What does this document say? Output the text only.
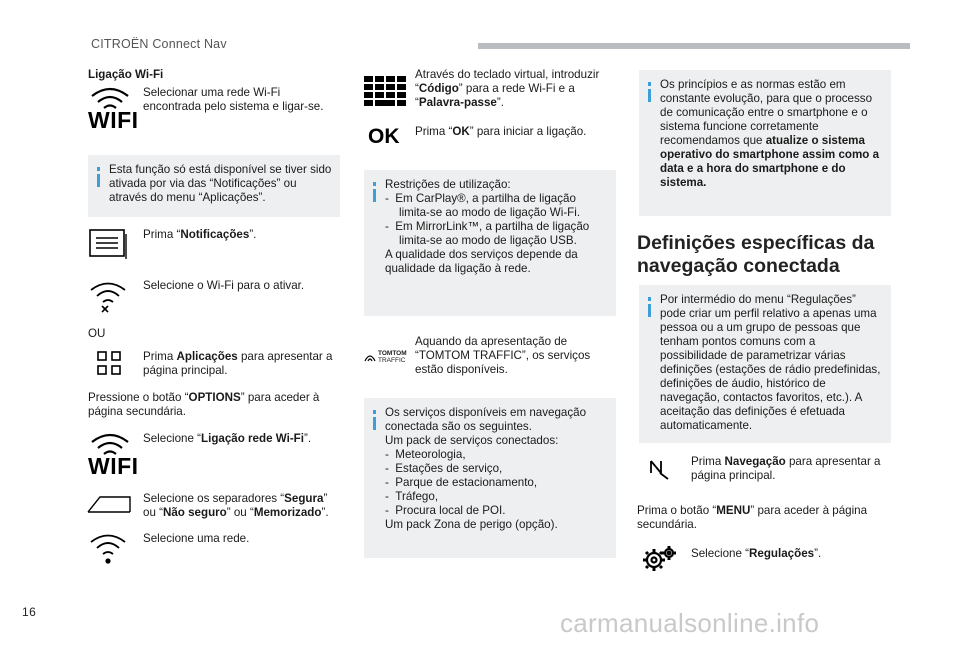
CITROËN Connect Nav
Ligação Wi-Fi
WIFI
Selecionar uma rede Wi-Fi encontrada pelo sistema e ligar-se.
Esta função só está disponível se tiver sido ativada por via das “Notificações” ou através do menu “Aplicações”.
Prima “Notificações”.
Selecione o Wi-Fi para o ativar.
OU
Prima Aplicações para apresentar a página principal.
Pressione o botão “OPTIONS” para aceder à página secundária.
WIFI
Selecione “Ligação rede Wi-Fi”.
Selecione os separadores “Segura” ou “Não seguro” ou “Memorizado”.
Selecione uma rede.
Através do teclado virtual, introduzir “Código” para a rede Wi-Fi e a “Palavra-passe”.
OK Prima “OK” para iniciar a ligação.
Restrições de utilização:
-  Em CarPlay®, a partilha de ligação limita-se ao modo de ligação Wi-Fi.
-  Em MirrorLink™, a partilha de ligação limita-se ao modo de ligação USB.
A qualidade dos serviços depende da qualidade da ligação à rede.
TOMTOM
TRAFFIC
Aquando da apresentação de “TOMTOM TRAFFIC”, os serviços estão disponíveis.
Os serviços disponíveis em navegação conectada são os seguintes.
Um pack de serviços conectados:
-  Meteorologia,
-  Estações de serviço,
-  Parque de estacionamento,
-  Tráfego,
-  Procura local de POI.
Um pack Zona de perigo (opção).
Os princípios e as normas estão em constante evolução, para que o processo de comunicação entre o smartphone e o sistema funcione corretamente recomendamos que atualize o sistema operativo do smartphone assim como a data e a hora do smartphone e do sistema.
Definições específicas da navegação conectada
Por intermédio do menu “Regulações” pode criar um perfil relativo a apenas uma pessoa ou a um grupo de pessoas que tenham pontos comuns com a possibilidade de parametrizar várias definições (estações de rádio predefinidas, definições de áudio, histórico de navegação, contactos favoritos, etc.). A aceitação das definições é efetuada automaticamente.
Prima Navegação para apresentar a página principal.
Prima o botão “MENU” para aceder à página secundária.
Selecione “Regulações”.
16	carmanualsonline.info
